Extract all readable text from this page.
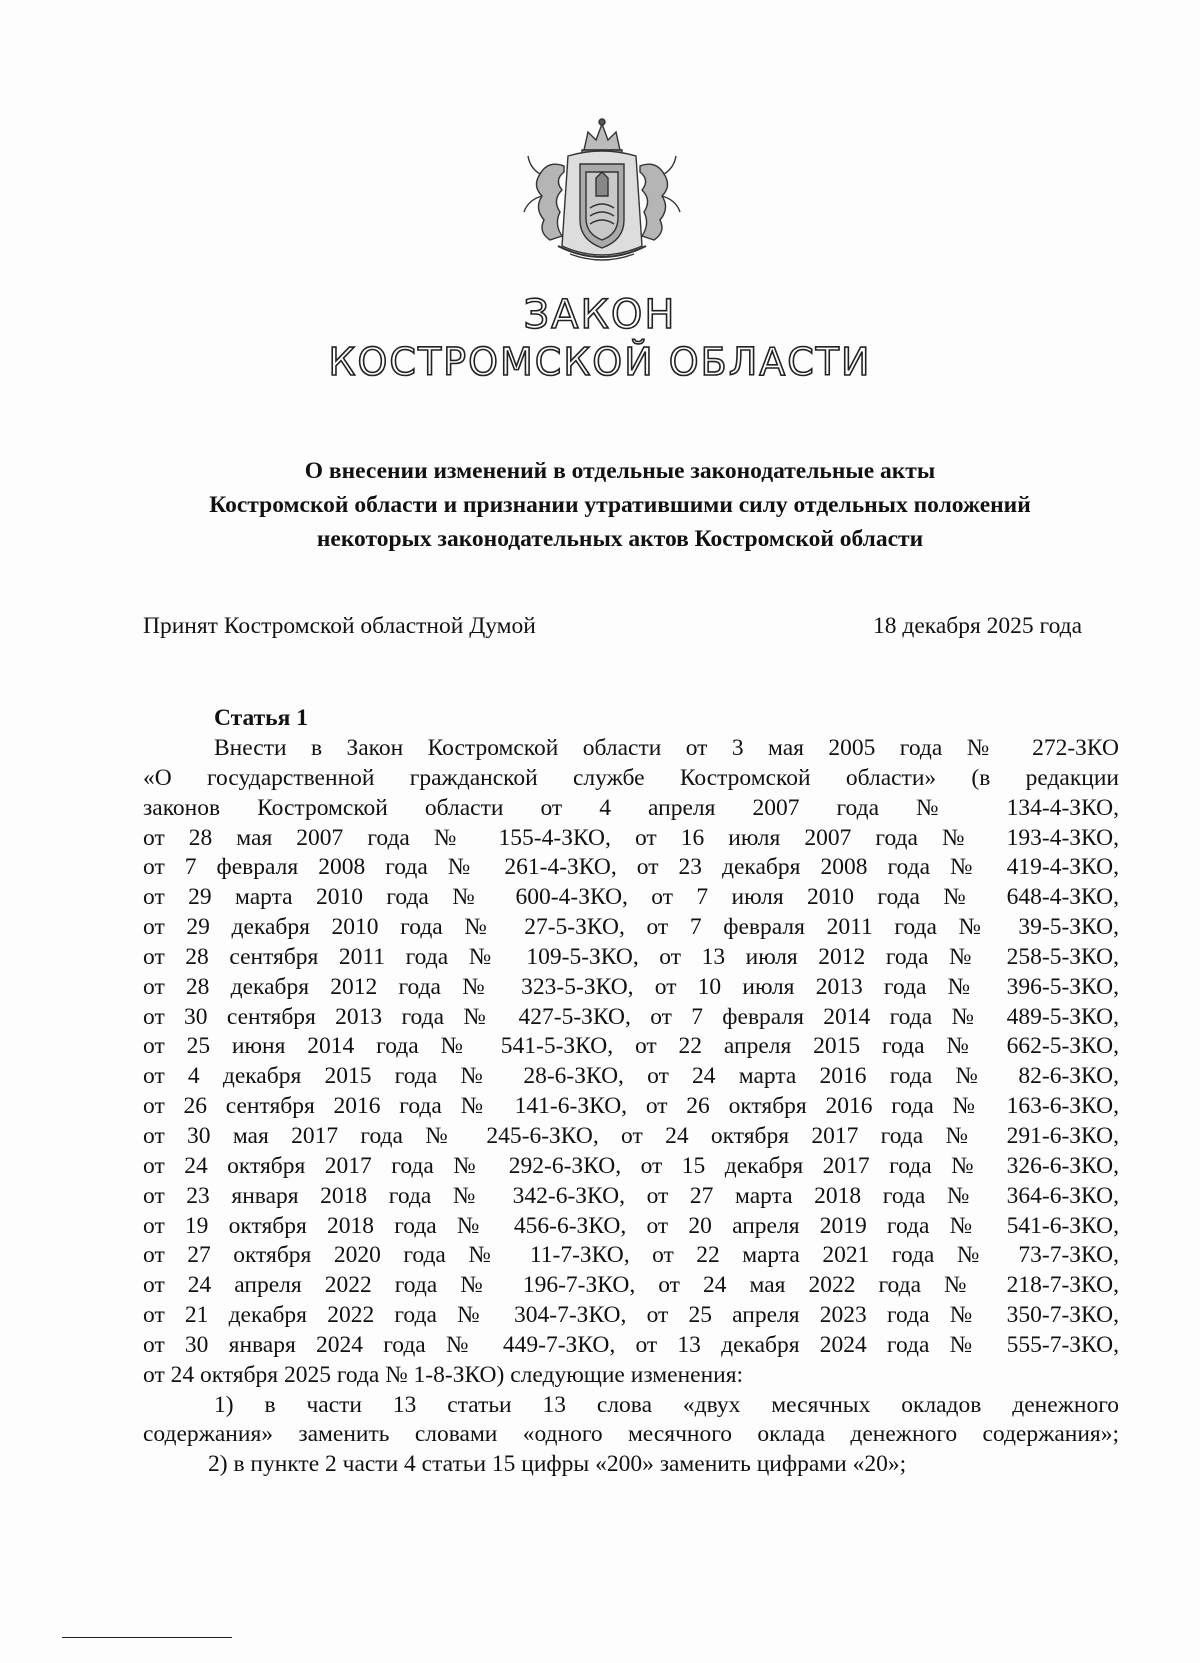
ЗАКОН
КОСТРОМСКОЙ ОБЛАСТИ
О внесении изменений в отдельные законодательные акты
Костромской области и признании утратившими силу отдельных положений
некоторых законодательных актов Костромской области
Принят Костромской областной Думой	18 декабря 2025 года
Статья 1
Внести в Закон Костромской области от 3 мая 2005 года № 272-ЗКО
«О государственной гражданской службе Костромской области» (в редакции
законов Костромской области от 4 апреля 2007 года № 134-4-ЗКО,
от 28 мая 2007 года № 155-4-ЗКО, от 16 июля 2007 года № 193-4-ЗКО,
от 7 февраля 2008 года № 261-4-ЗКО, от 23 декабря 2008 года № 419-4-ЗКО,
от 29 марта 2010 года № 600-4-ЗКО, от 7 июля 2010 года № 648-4-ЗКО,
от 29 декабря 2010 года № 27-5-ЗКО, от 7 февраля 2011 года № 39-5-ЗКО,
от 28 сентября 2011 года № 109-5-ЗКО, от 13 июля 2012 года № 258-5-ЗКО,
от 28 декабря 2012 года № 323-5-ЗКО, от 10 июля 2013 года № 396-5-ЗКО,
от 30 сентября 2013 года № 427-5-ЗКО, от 7 февраля 2014 года № 489-5-ЗКО,
от 25 июня 2014 года № 541-5-ЗКО, от 22 апреля 2015 года № 662-5-ЗКО,
от 4 декабря 2015 года № 28-6-ЗКО, от 24 марта 2016 года № 82-6-ЗКО,
от 26 сентября 2016 года № 141-6-ЗКО, от 26 октября 2016 года № 163-6-ЗКО,
от 30 мая 2017 года № 245-6-ЗКО, от 24 октября 2017 года № 291-6-ЗКО,
от 24 октября 2017 года № 292-6-ЗКО, от 15 декабря 2017 года № 326-6-ЗКО,
от 23 января 2018 года № 342-6-ЗКО, от 27 марта 2018 года № 364-6-ЗКО,
от 19 октября 2018 года № 456-6-ЗКО, от 20 апреля 2019 года № 541-6-ЗКО,
от 27 октября 2020 года № 11-7-ЗКО, от 22 марта 2021 года № 73-7-ЗКО,
от 24 апреля 2022 года № 196-7-ЗКО, от 24 мая 2022 года № 218-7-ЗКО,
от 21 декабря 2022 года № 304-7-ЗКО, от 25 апреля 2023 года № 350-7-ЗКО,
от 30 января 2024 года № 449-7-ЗКО, от 13 декабря 2024 года № 555-7-ЗКО,
от 24 октября 2025 года № 1-8-ЗКО) следующие изменения:
1) в части 13 статьи 13 слова «двух месячных окладов денежного
содержания» заменить словами «одного месячного оклада денежного содержания»;
2) в пункте 2 части 4 статьи 15 цифры «200» заменить цифрами «20»;
